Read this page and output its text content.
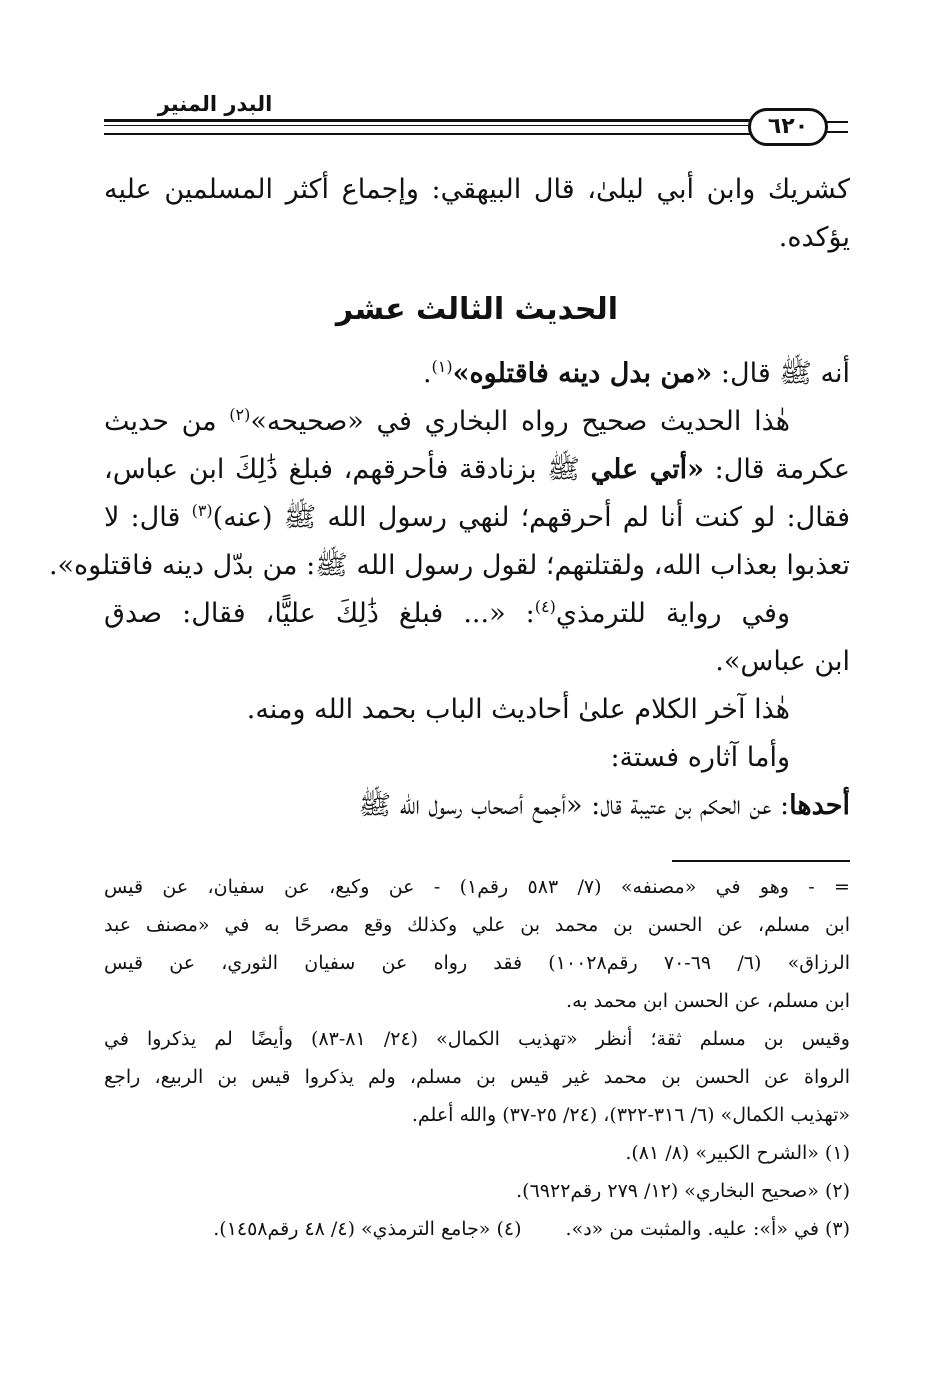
البدر المنير
٦٢٠
كشريك وابن أبي ليلىٰ، قال البيهقي: وإجماع أكثر المسلمين عليه
يؤكده.
الحديث الثالث عشر
أنه ﷺ قال: «من بدل دينه فاقتلوه»$^{(١)}$.
هٰذا الحديث صحيح رواه البخاري في «صحيحه»$^{(٢)}$ من حديث
عكرمة قال: «أتي علي ﷺ بزنادقة فأحرقهم، فبلغ ذَٰلِكَ ابن عباس،
فقال: لو كنت أنا لم أحرقهم؛ لنهي رسول الله ﷺ (عنه)$^{(٣)}$ قال: لا
تعذبوا بعذاب الله، ولقتلتهم؛ لقول رسول الله ﷺ: من بدّل دينه فاقتلوه».
وفي رواية للترمذي$^{(٤)}$: «... فبلغ ذَٰلِكَ عليًّا، فقال: صدق
ابن عباس».
هٰذا آخر الكلام علىٰ أحاديث الباب بحمد الله ومنه.
وأما آثاره فستة:
أحدها: عن الحكم بن عتيبة قال: «أجمع أصحاب رسول الله ﷺ
= - وهو في «مصنفه» (٧/ ٥٨٣ رقم١) - عن وكيع، عن سفيان، عن قيس
ابن مسلم، عن الحسن بن محمد بن علي وكذلك وقع مصرحًا به في «مصنف عبد
الرزاق» (٦/ ٦٩-٧٠ رقم١٠٠٢٨) فقد رواه عن سفيان الثوري، عن قيس
ابن مسلم، عن الحسن ابن محمد به.
وقيس بن مسلم ثقة؛ أنظر «تهذيب الكمال» (٢٤/ ٨١-٨٣) وأيضًا لم يذكروا في
الرواة عن الحسن بن محمد غير قيس بن مسلم، ولم يذكروا قيس بن الربيع، راجع
«تهذيب الكمال» (٦/ ٣١٦-٣٢٢)، (٢٤/ ٢٥-٣٧) والله أعلم.
(١) «الشرح الكبير» (٨/ ٨١).
(٢) «صحيح البخاري» (١٢/ ٢٧٩ رقم٦٩٢٢).
(٣) في «أ»: عليه. والمثبت من «د».(٤) «جامع الترمذي» (٤/ ٤٨ رقم١٤٥٨).
